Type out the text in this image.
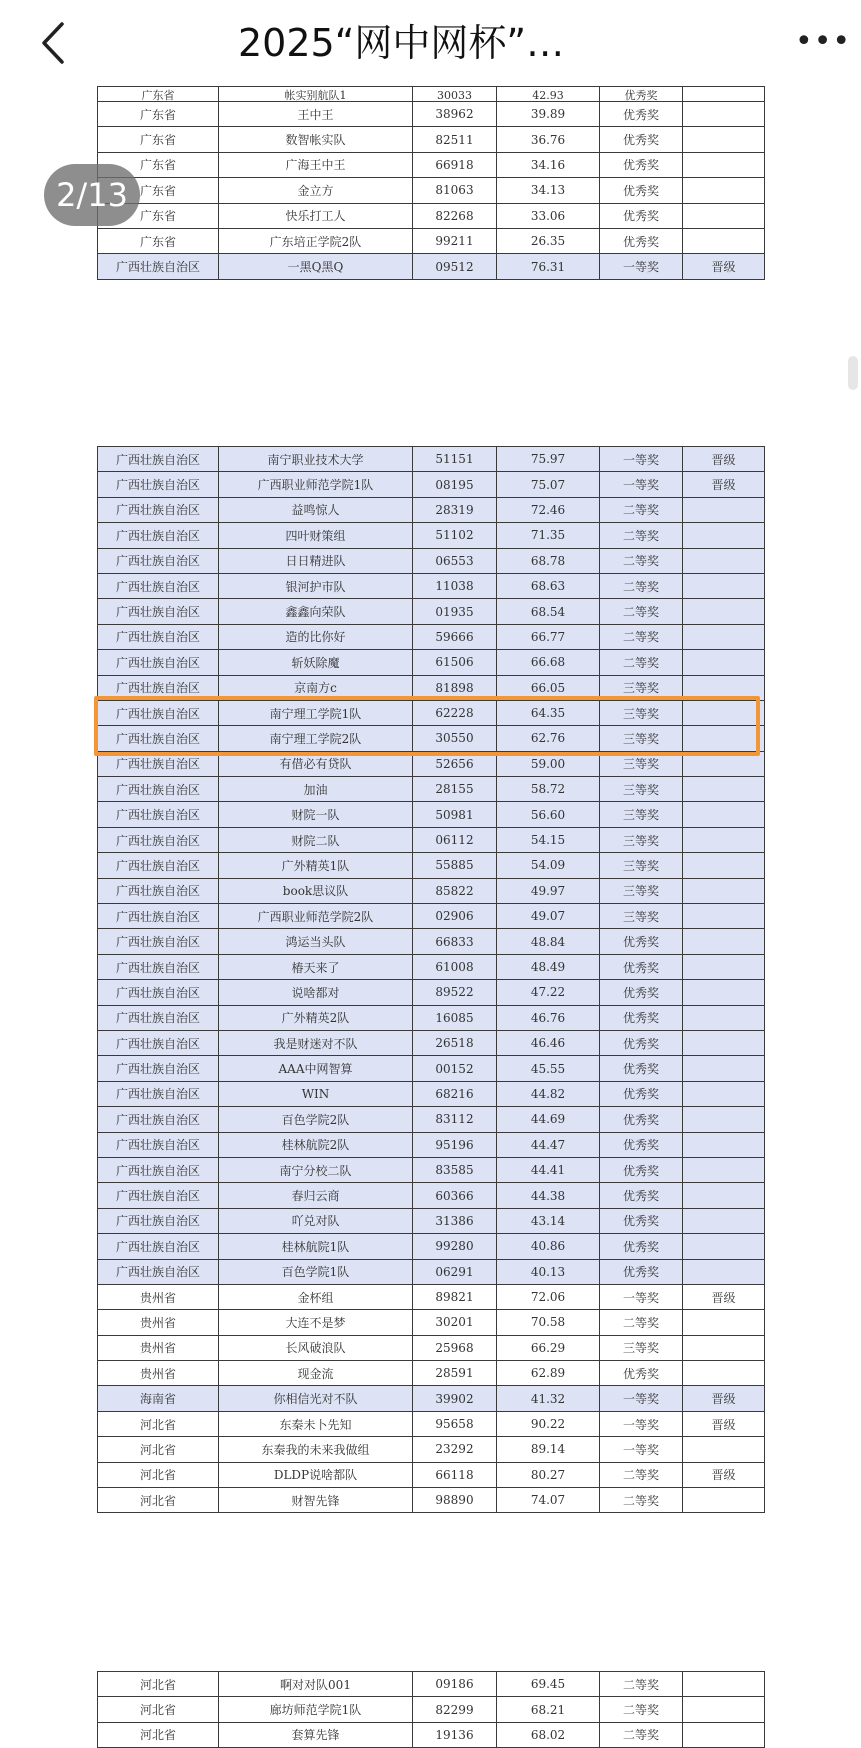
2025“网中网杯”…	•••
2/13
广东省	帐实别航队1	30033	42.93	优秀奖	
广东省	王中王	38962	39.89	优秀奖	
广东省	数智帐实队	82511	36.76	优秀奖	
广东省	广海王中王	66918	34.16	优秀奖	
广东省	金立方	81063	34.13	优秀奖	
广东省	快乐打工人	82268	33.06	优秀奖	
广东省	广东培正学院2队	99211	26.35	优秀奖	
广西壮族自治区	一黑Q黑Q	09512	76.31	一等奖	晋级
广西壮族自治区	南宁职业技术大学	51151	75.97	一等奖	晋级
广西壮族自治区	广西职业师范学院1队	08195	75.07	一等奖	晋级
广西壮族自治区	益鸣惊人	28319	72.46	二等奖	
广西壮族自治区	四叶财策组	51102	71.35	二等奖	
广西壮族自治区	日日精进队	06553	68.78	二等奖	
广西壮族自治区	银河护市队	11038	68.63	二等奖	
广西壮族自治区	鑫鑫向荣队	01935	68.54	二等奖	
广西壮族自治区	造的比你好	59666	66.77	二等奖	
广西壮族自治区	斩妖除魔	61506	66.68	二等奖	
广西壮族自治区	京南方c	81898	66.05	三等奖	
广西壮族自治区	南宁理工学院1队	62228	64.35	三等奖	
广西壮族自治区	南宁理工学院2队	30550	62.76	三等奖	
广西壮族自治区	有借必有贷队	52656	59.00	三等奖	
广西壮族自治区	加油	28155	58.72	三等奖	
广西壮族自治区	财院一队	50981	56.60	三等奖	
广西壮族自治区	财院二队	06112	54.15	三等奖	
广西壮族自治区	广外精英1队	55885	54.09	三等奖	
广西壮族自治区	book思议队	85822	49.97	三等奖	
广西壮族自治区	广西职业师范学院2队	02906	49.07	三等奖	
广西壮族自治区	鸿运当头队	66833	48.84	优秀奖	
广西壮族自治区	椿天来了	61008	48.49	优秀奖	
广西壮族自治区	说啥都对	89522	47.22	优秀奖	
广西壮族自治区	广外精英2队	16085	46.76	优秀奖	
广西壮族自治区	我是财迷对不队	26518	46.46	优秀奖	
广西壮族自治区	AAA中网智算	00152	45.55	优秀奖	
广西壮族自治区	WIN	68216	44.82	优秀奖	
广西壮族自治区	百色学院2队	83112	44.69	优秀奖	
广西壮族自治区	桂林航院2队	95196	44.47	优秀奖	
广西壮族自治区	南宁分校二队	83585	44.41	优秀奖	
广西壮族自治区	春归云商	60366	44.38	优秀奖	
广西壮族自治区	吖兑对队	31386	43.14	优秀奖	
广西壮族自治区	桂林航院1队	99280	40.86	优秀奖	
广西壮族自治区	百色学院1队	06291	40.13	优秀奖	
贵州省	金杯组	89821	72.06	一等奖	晋级
贵州省	大连不是梦	30201	70.58	二等奖	
贵州省	长风破浪队	25968	66.29	三等奖	
贵州省	现金流	28591	62.89	优秀奖	
海南省	你相信光对不队	39902	41.32	一等奖	晋级
河北省	东秦未卜先知	95658	90.22	一等奖	晋级
河北省	东秦我的未来我做组	23292	89.14	一等奖	
河北省	DLDP说啥都队	66118	80.27	二等奖	晋级
河北省	财智先锋	98890	74.07	二等奖	
河北省	啊对对队001	09186	69.45	二等奖	
河北省	廊坊师范学院1队	82299	68.21	二等奖	
河北省	套算先锋	19136	68.02	二等奖	
